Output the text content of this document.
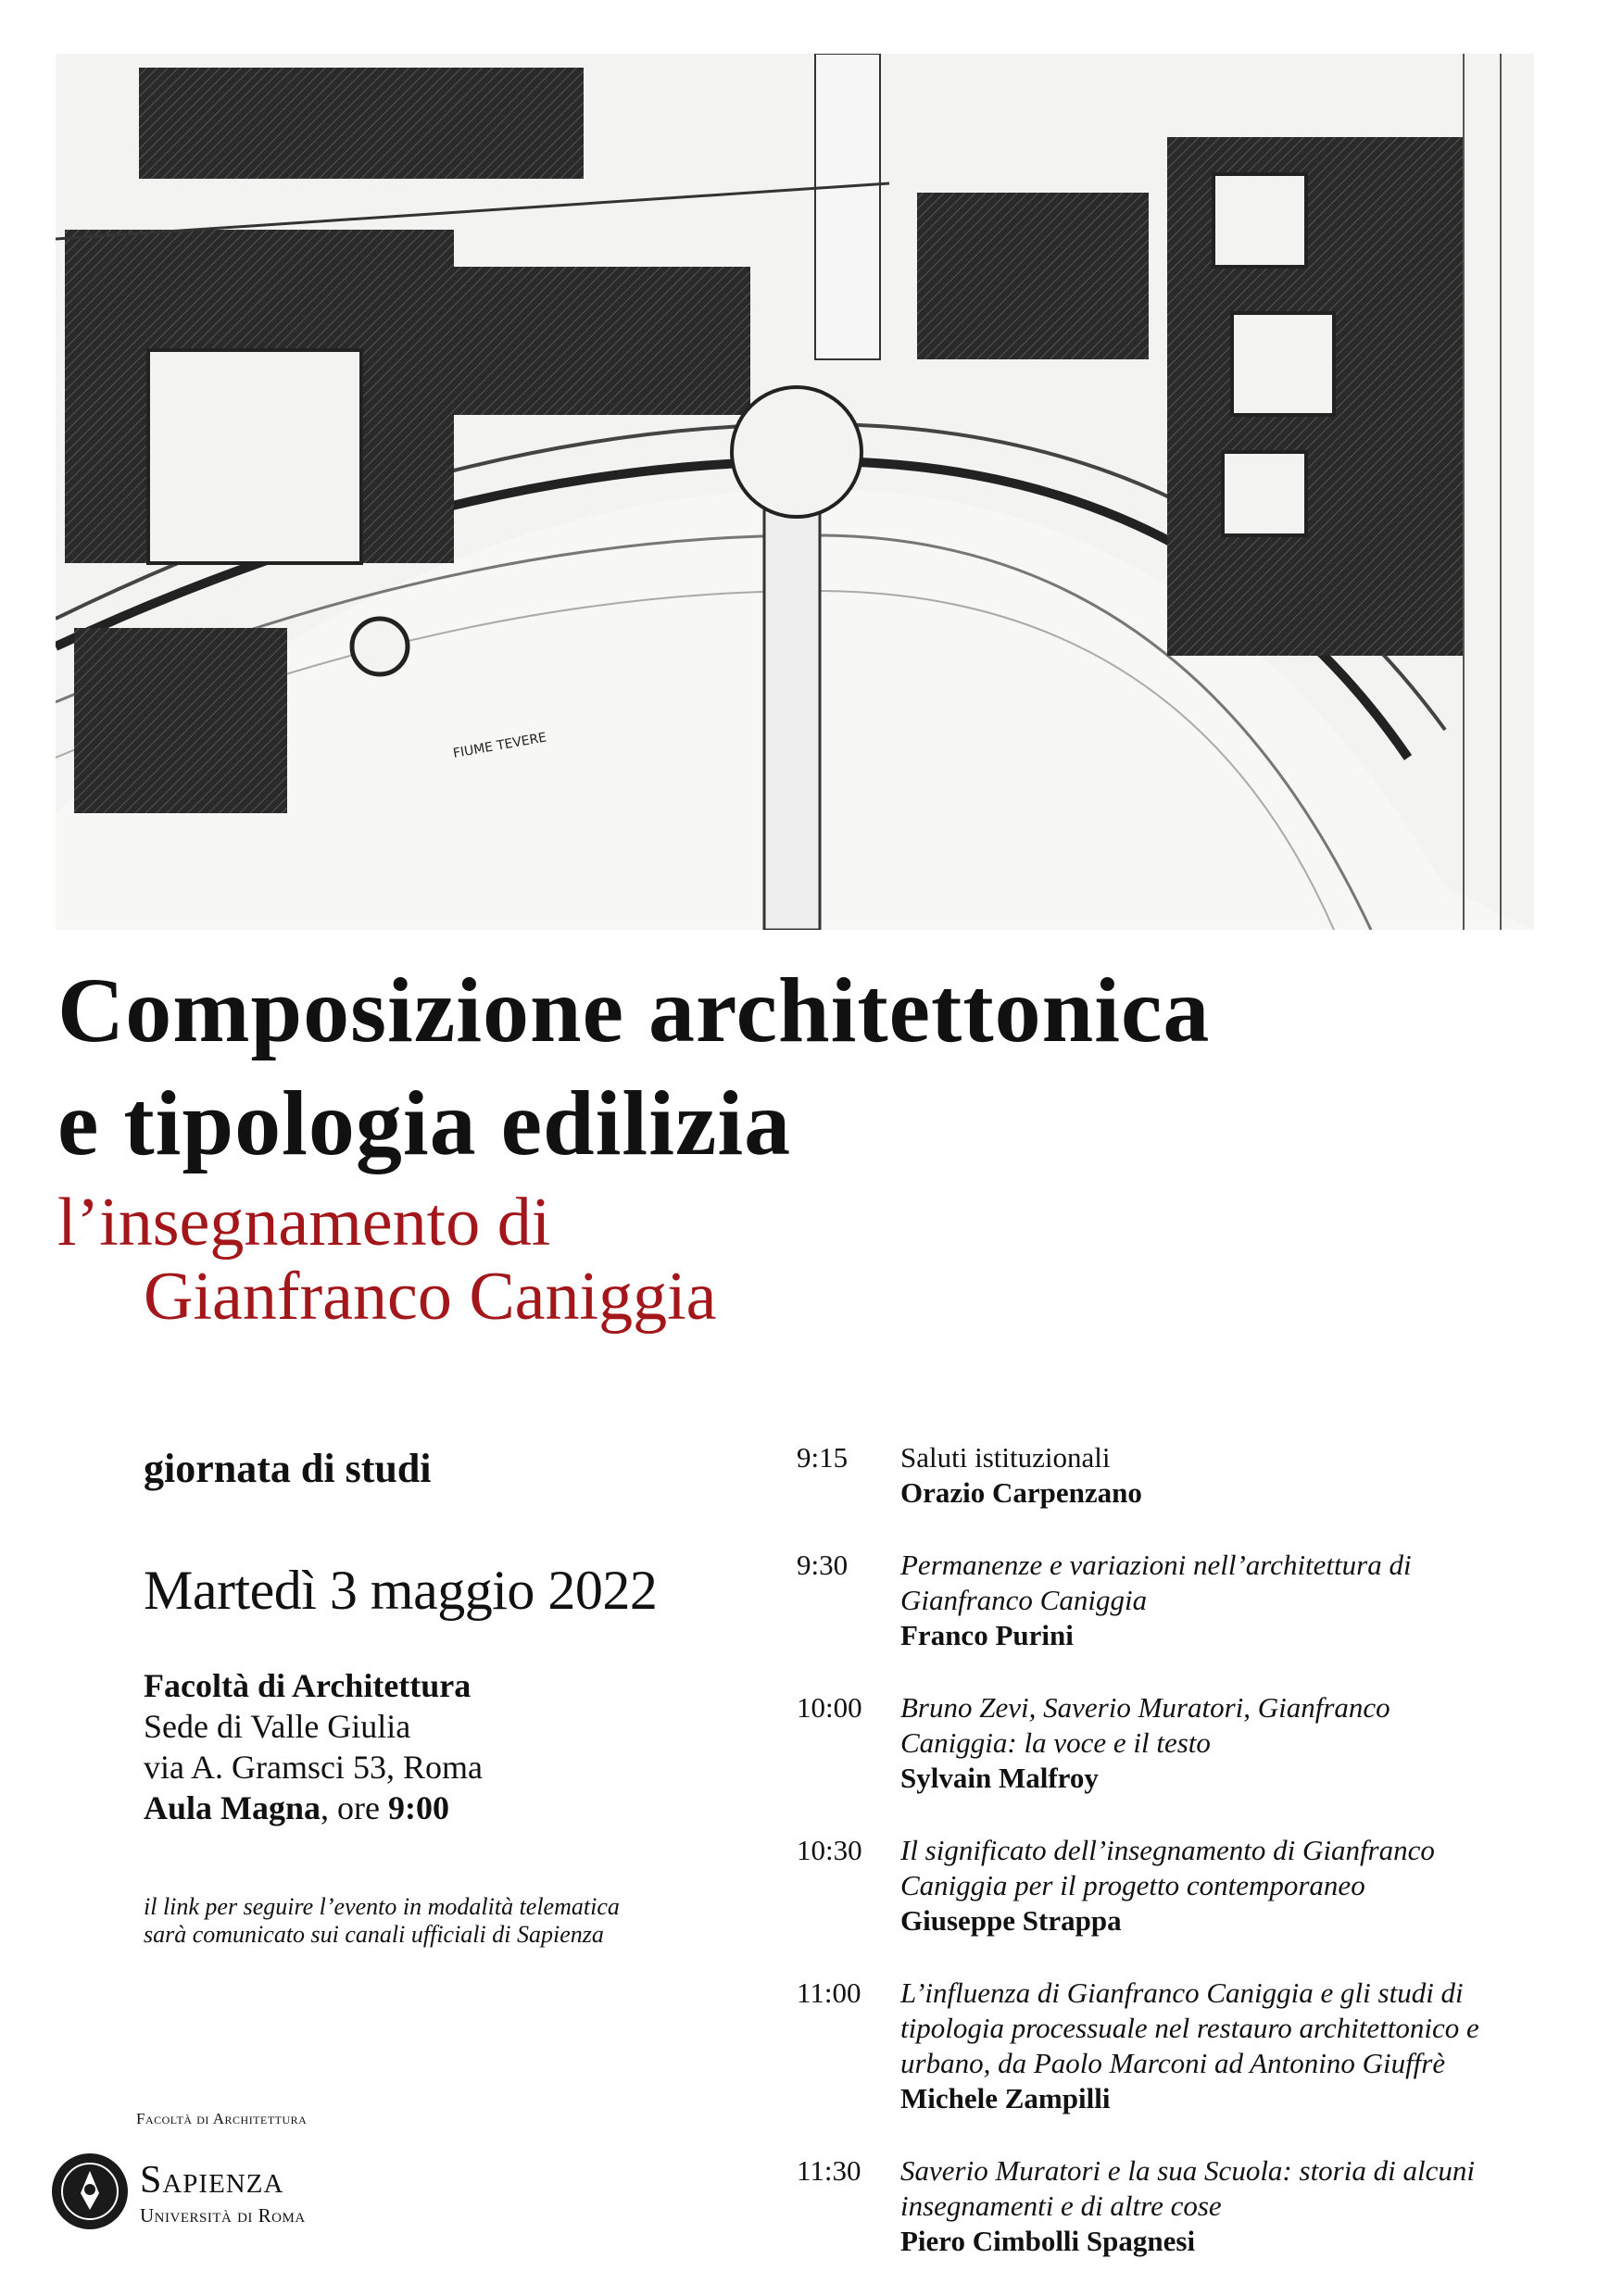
FIUME TEVERE
Composizione architettonica
e tipologia edilizia
l’insegnamento di
Gianfranco Caniggia

giornata di studi

Martedì 3 maggio 2022

Facoltà di Architettura
Sede di Valle Giulia
via A. Gramsci 53, Roma
Aula Magna, ore 9:00
il link per seguire l’evento in modalità telematica
sarà comunicato sui canali ufficiali di Sapienza
Facoltà di Architettura
Sapienza
Università di Roma
9:15 Saluti istituzionali
Orazio Carpenzano
9:30 Permanenze e variazioni nell’architettura di
Gianfranco Caniggia
Franco Purini
10:00 Bruno Zevi, Saverio Muratori, Gianfranco
Caniggia: la voce e il testo
Sylvain Malfroy
10:30 Il significato dell’insegnamento di Gianfranco
Caniggia per il progetto contemporaneo
Giuseppe Strappa
11:00 L’influenza di Gianfranco Caniggia e gli studi di
tipologia processuale nel restauro architettonico e
urbano, da Paolo Marconi ad Antonino Giuffrè
Michele Zampilli
11:30 Saverio Muratori e la sua Scuola: storia di alcuni
insegnamenti e di altre cose
Piero Cimbolli Spagnesi
